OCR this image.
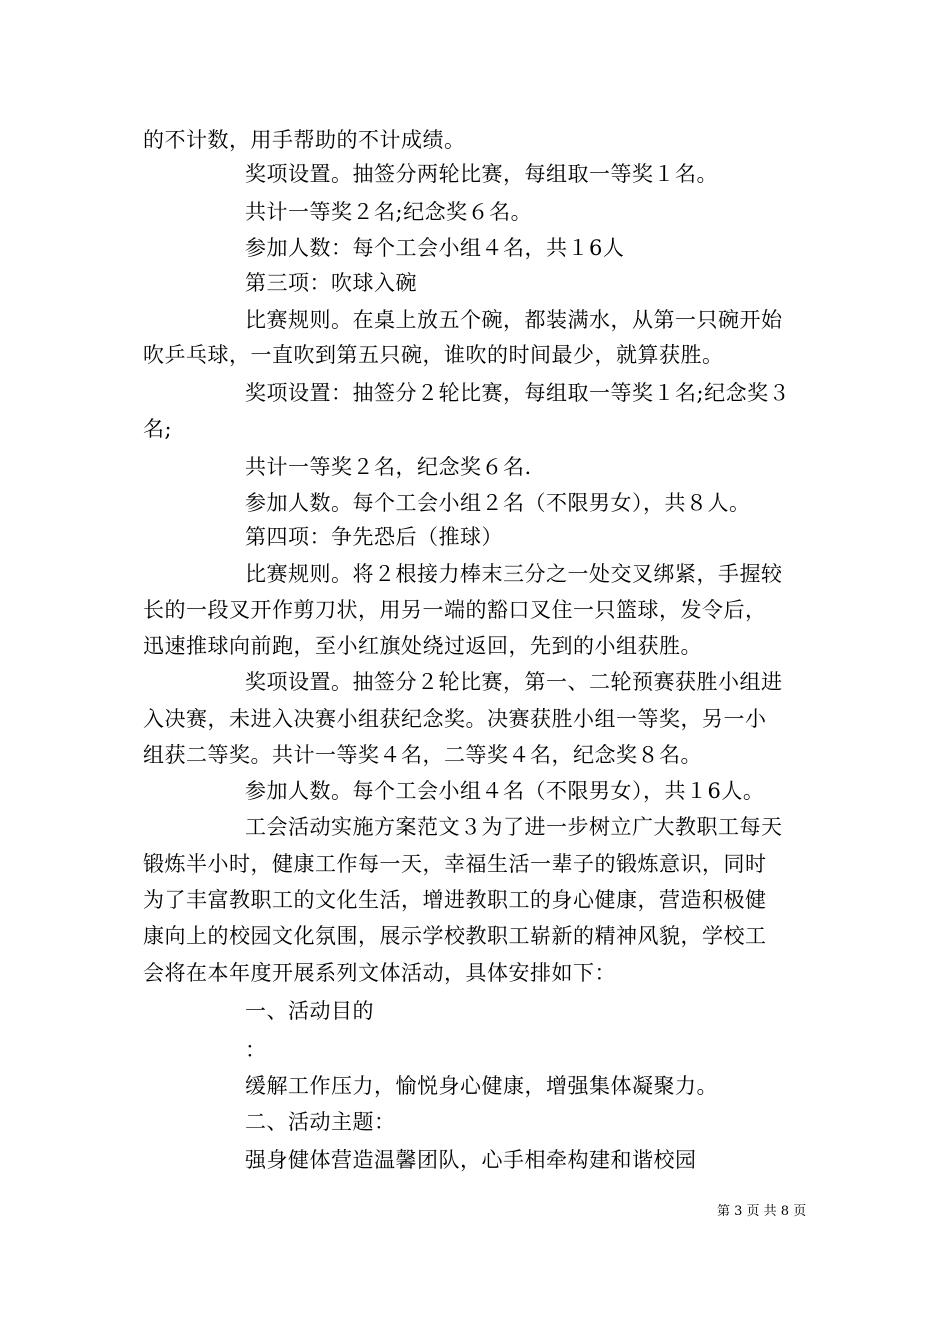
的不计数，用手帮助的不计成绩。
奖项设置。抽签分两轮比赛，每组取一等奖１名。
共计一等奖２名;纪念奖６名。
参加人数：每个工会小组４名，共１6人
第三项：吹球入碗
比赛规则。在桌上放五个碗，都装满水，从第一只碗开始
吹乒乓球，一直吹到第五只碗，谁吹的时间最少，就算获胜。
奖项设置：抽签分２轮比赛，每组取一等奖１名;纪念奖３
名;
共计一等奖２名，纪念奖６名.
参加人数。每个工会小组２名（不限男女），共８人。
第四项：争先恐后（推球）
比赛规则。将２根接力棒末三分之一处交叉绑紧，手握较
长的一段叉开作剪刀状，用另一端的豁口叉住一只篮球，发令后，
迅速推球向前跑，至小红旗处绕过返回，先到的小组获胜。
奖项设置。抽签分２轮比赛，第一、二轮预赛获胜小组进
入决赛，未进入决赛小组获纪念奖。决赛获胜小组一等奖，另一小
组获二等奖。共计一等奖４名，二等奖４名，纪念奖８名。
参加人数。每个工会小组４名（不限男女），共１6人。
工会活动实施方案范文３为了进一步树立广大教职工每天
锻炼半小时，健康工作每一天，幸福生活一辈子的锻炼意识，同时
为了丰富教职工的文化生活，增进教职工的身心健康，营造积极健
康向上的校园文化氛围，展示学校教职工崭新的精神风貌，学校工
会将在本年度开展系列文体活动，具体安排如下：
一、活动目的
：
缓解工作压力，愉悦身心健康，增强集体凝聚力。
二、活动主题：
强身健体营造温馨团队，心手相牵构建和谐校园
第 3 页 共 8 页
